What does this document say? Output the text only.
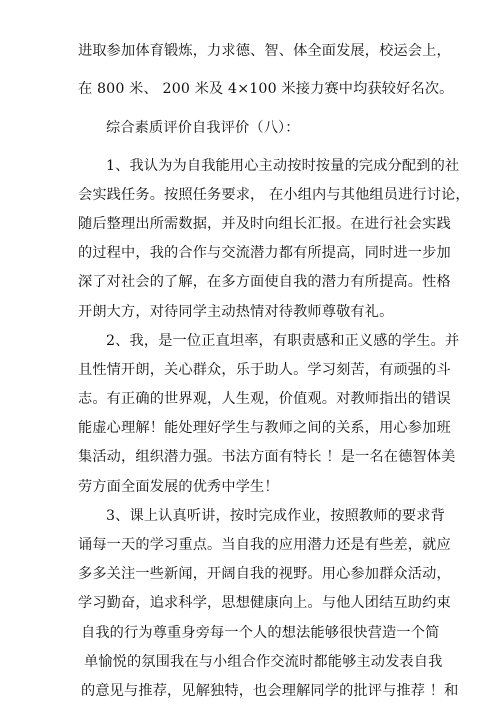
进取参加体育锻炼，力求德、智、体全面发展，校运会上，
在 800 米、 200 米及 4×100 米接力赛中均获较好名次。
综合素质评价自我评价（八）：
1、我认为为自我能用心主动按时按量的完成分配到的社
会实践任务。按照任务要求， 在小组内与其他组员进行讨论，
随后整理出所需数据，并及时向组长汇报。在进行社会实践
的过程中，我的合作与交流潜力都有所提高，同时进一步加
深了对社会的了解，在多方面使自我的潜力有所提高。性格
开朗大方，对待同学主动热情对待教师尊敬有礼。
2、我，是一位正直坦率，有职责感和正义感的学生。并
且性情开朗，关心群众，乐于助人。学习刻苦，有顽强的斗
志。有正确的世界观，人生观，价值观。对教师指出的错误
能虚心理解！能处理好学生与教师之间的关系，用心参加班
集活动，组织潜力强。书法方面有特长 ！是一名在德智体美
劳方面全面发展的优秀中学生！
3、课上认真听讲，按时完成作业，按照教师的要求背
诵每一天的学习重点。当自我的应用潜力还是有些差，就应
多多关注一些新闻，开阔自我的视野。用心参加群众活动，
学习勤奋，追求科学，思想健康向上。与他人团结互助约束
自我的行为尊重身旁每一个人的想法能够很快营造一个简
单愉悦的氛围我在与小组合作交流时都能够主动发表自我
的意见与推荐，见解独特，也会理解同学的批评与推荐 ！和
